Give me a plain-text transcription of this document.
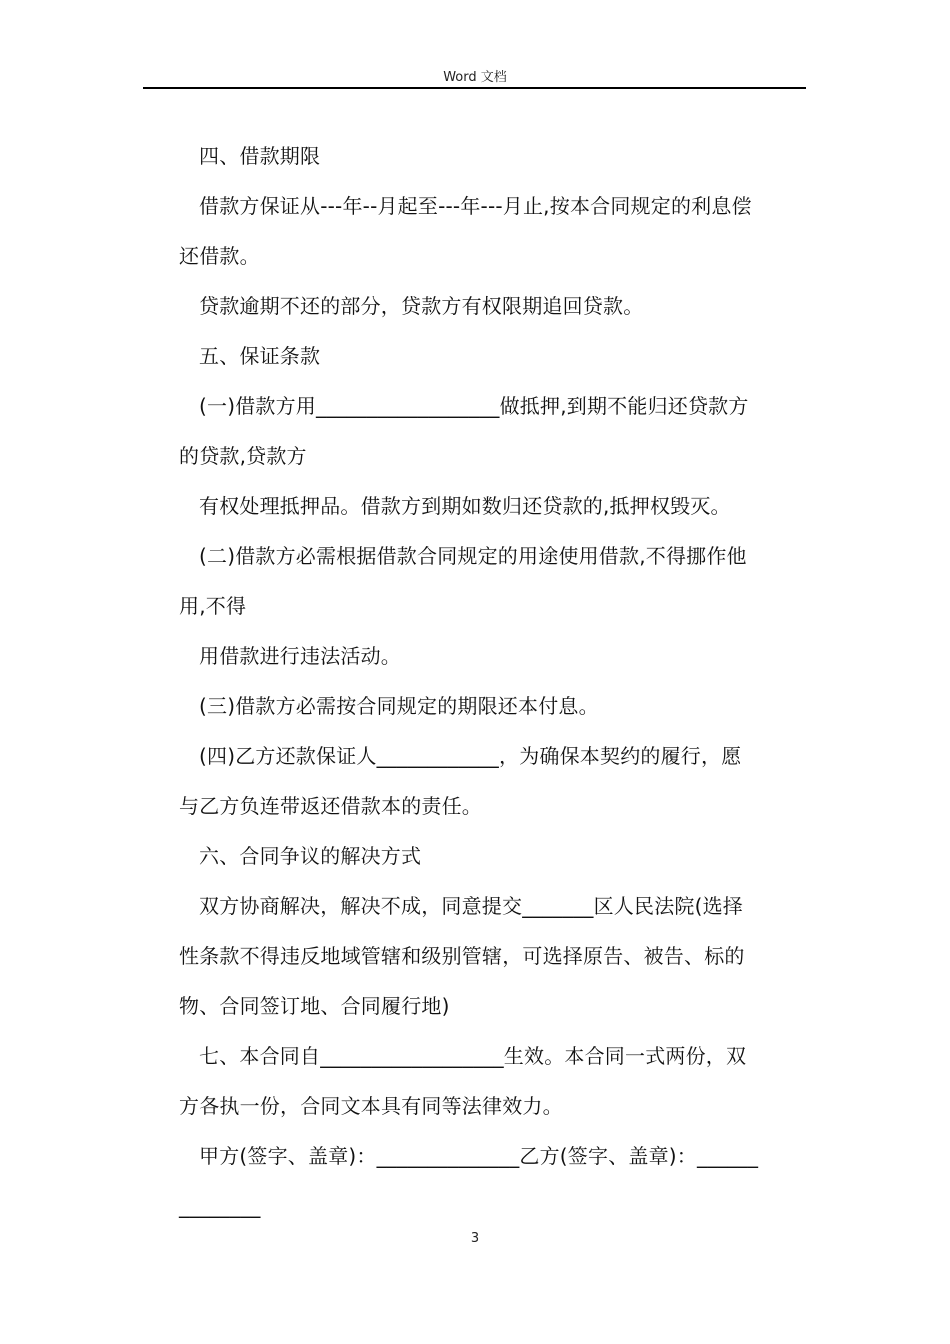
Word 文档

四、借款期限

借款方保证从---年--月起至---年---月止,按本合同规定的利息偿

还借款。

贷款逾期不还的部分，贷款方有权限期追回贷款。

五、保证条款

(一)借款方用__________________做抵押,到期不能归还贷款方

的贷款,贷款方

有权处理抵押品。借款方到期如数归还贷款的,抵押权毁灭。

(二)借款方必需根据借款合同规定的用途使用借款,不得挪作他

用,不得

用借款进行违法活动。

(三)借款方必需按合同规定的期限还本付息。

(四)乙方还款保证人____________，为确保本契约的履行，愿

与乙方负连带返还借款本的责任。

六、合同争议的解决方式

双方协商解决，解决不成，同意提交_______区人民法院(选择

性条款不得违反地域管辖和级别管辖，可选择原告、被告、标的

物、合同签订地、合同履行地)

七、本合同自__________________生效。本合同一式两份，双

方各执一份，合同文本具有同等法律效力。

甲方(签字、盖章)：______________乙方(签字、盖章)：______

________

3
